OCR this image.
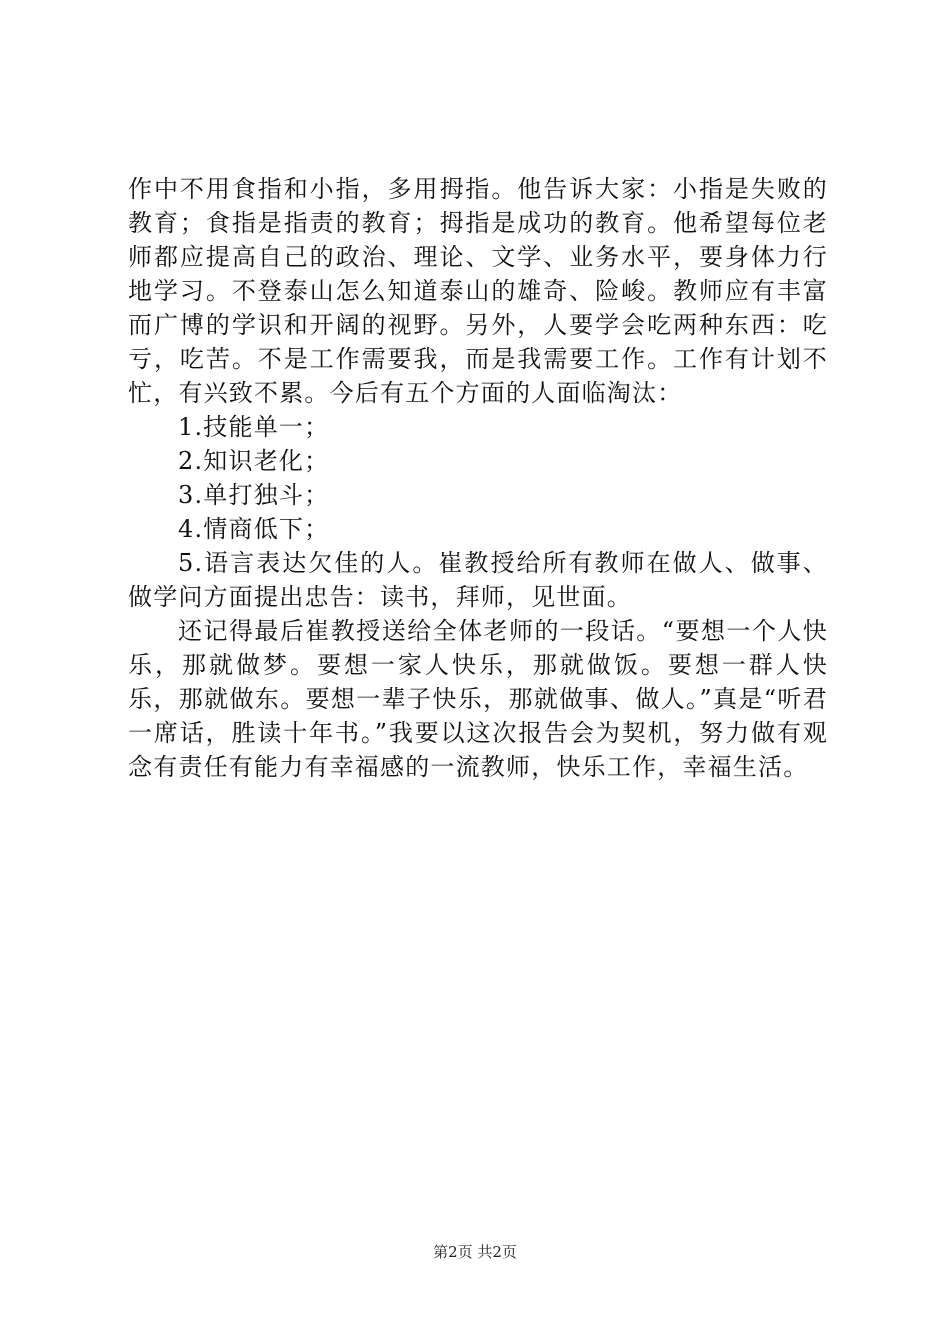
作中不用食指和小指，多用拇指。他告诉大家：小指是失败的教育；食指是指责的教育；拇指是成功的教育。他希望每位老师都应提高自己的政治、理论、文学、业务水平，要身体力行地学习。不登泰山怎么知道泰山的雄奇、险峻。教师应有丰富而广博的学识和开阔的视野。另外，人要学会吃两种东西：吃亏，吃苦。不是工作需要我，而是我需要工作。工作有计划不忙，有兴致不累。今后有五个方面的人面临淘汰：

1.技能单一；

2.知识老化；

3.单打独斗；

4.情商低下；

5.语言表达欠佳的人。崔教授给所有教师在做人、做事、做学问方面提出忠告：读书，拜师，见世面。

还记得最后崔教授送给全体老师的一段话。“要想一个人快乐，那就做梦。要想一家人快乐，那就做饭。要想一群人快乐，那就做东。要想一辈子快乐，那就做事、做人。”真是“听君一席话，胜读十年书。”我要以这次报告会为契机，努力做有观念有责任有能力有幸福感的一流教师，快乐工作，幸福生活。

第2页 共2页
